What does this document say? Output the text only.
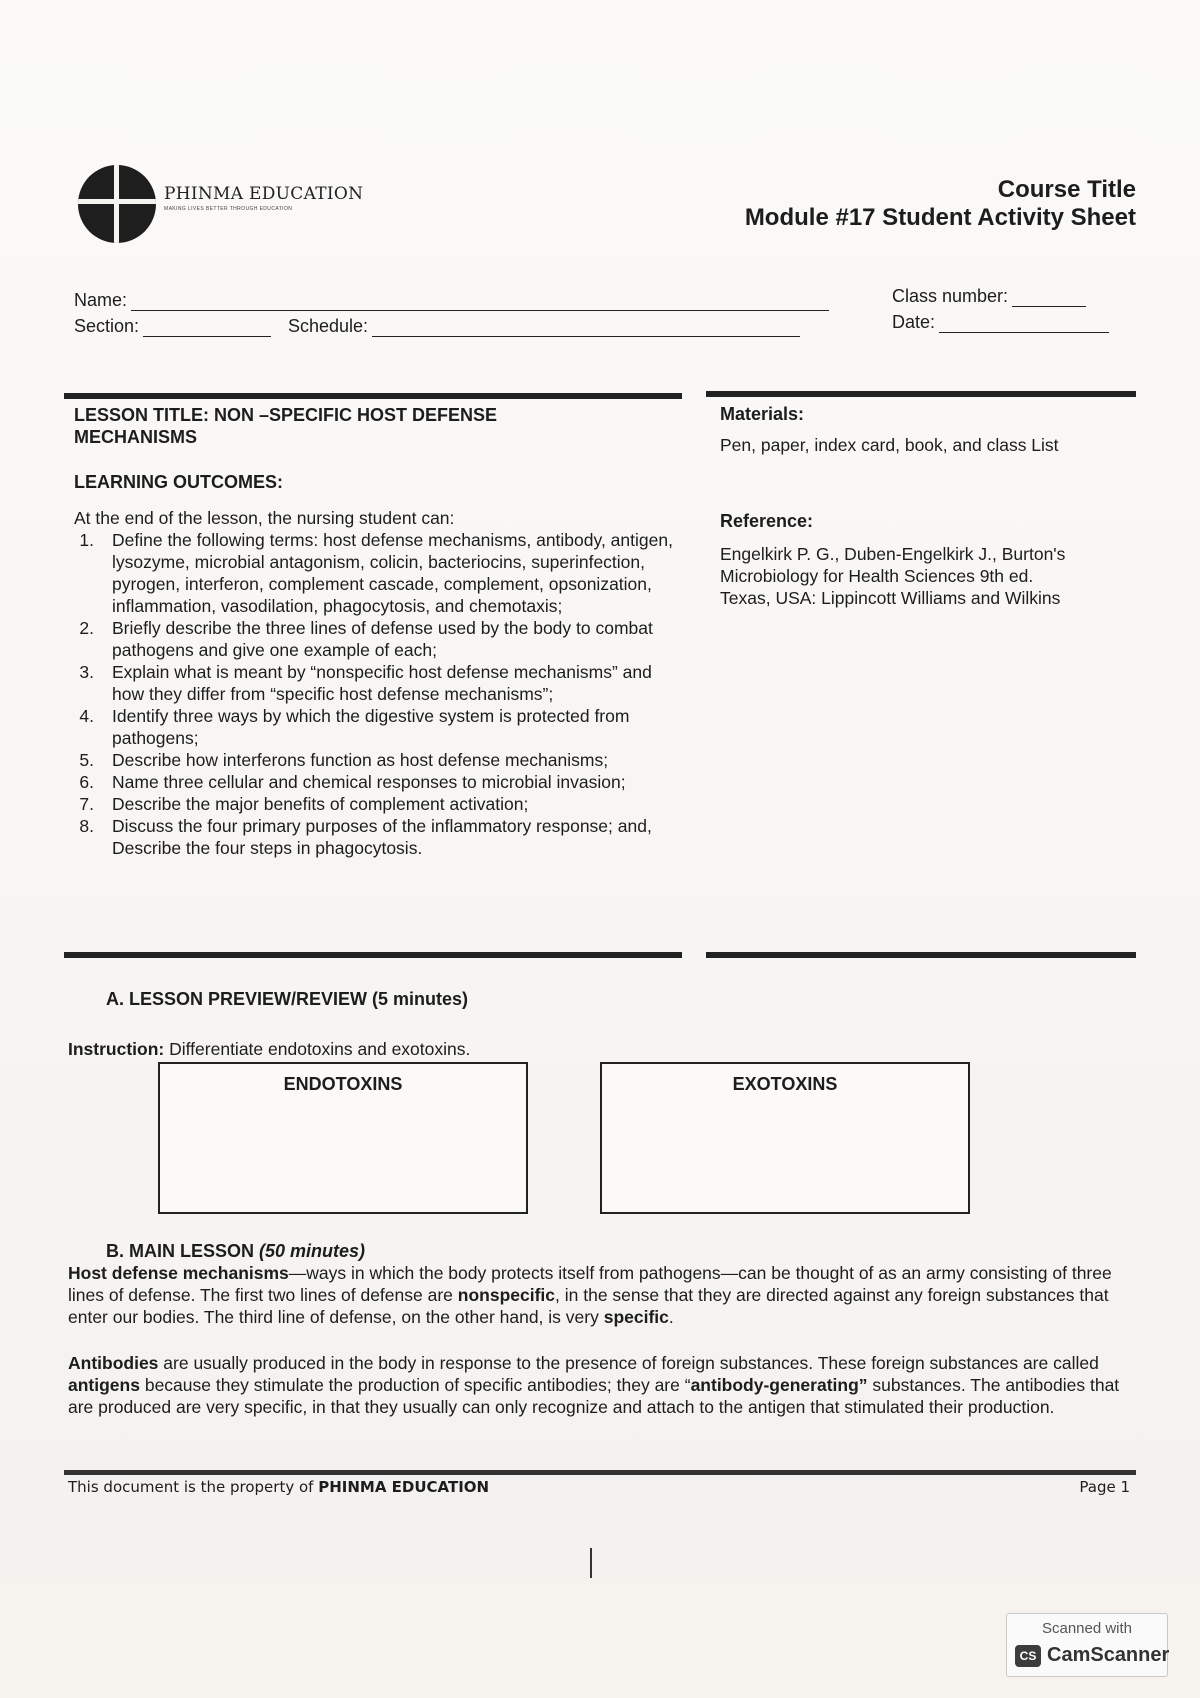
PHINMA EDUCATION
MAKING LIVES BETTER THROUGH EDUCATION
Course Title
Module #17 Student Activity Sheet
Name:
Section:	Schedule:
Class number:
Date:
LESSON TITLE: NON –SPECIFIC HOST DEFENSE
MECHANISMS
LEARNING OUTCOMES:
At the end of the lesson, the nursing student can:
1. Define the following terms: host defense mechanisms, antibody, antigen, lysozyme, microbial antagonism, colicin, bacteriocins, superinfection, pyrogen, interferon, complement cascade, complement, opsonization, inflammation, vasodilation, phagocytosis, and chemotaxis;
2. Briefly describe the three lines of defense used by the body to combat pathogens and give one example of each;
3. Explain what is meant by “nonspecific host defense mechanisms” and how they differ from “specific host defense mechanisms”;
4. Identify three ways by which the digestive system is protected from pathogens;
5. Describe how interferons function as host defense mechanisms;
6. Name three cellular and chemical responses to microbial invasion;
7. Describe the major benefits of complement activation;
8. Discuss the four primary purposes of the inflammatory response; and,
Describe the four steps in phagocytosis.
Materials:
Pen, paper, index card, book, and class List
Reference:
Engelkirk P. G., Duben-Engelkirk J., Burton's
Microbiology for Health Sciences 9th ed.
Texas, USA: Lippincott Williams and Wilkins
A. LESSON PREVIEW/REVIEW (5 minutes)
Instruction: Differentiate endotoxins and exotoxins.
ENDOTOXINS	EXOTOXINS
B. MAIN LESSON (50 minutes)
Host defense mechanisms—ways in which the body protects itself from pathogens—can be thought of as an army consisting of three lines of defense. The first two lines of defense are nonspecific, in the sense that they are directed against any foreign substances that enter our bodies. The third line of defense, on the other hand, is very specific.
Antibodies are usually produced in the body in response to the presence of foreign substances. These foreign substances are called antigens because they stimulate the production of specific antibodies; they are “antibody-generating” substances. The antibodies that are produced are very specific, in that they usually can only recognize and attach to the antigen that stimulated their production.
This document is the property of PHINMA EDUCATION	Page 1
Scanned with
CS CamScanner
